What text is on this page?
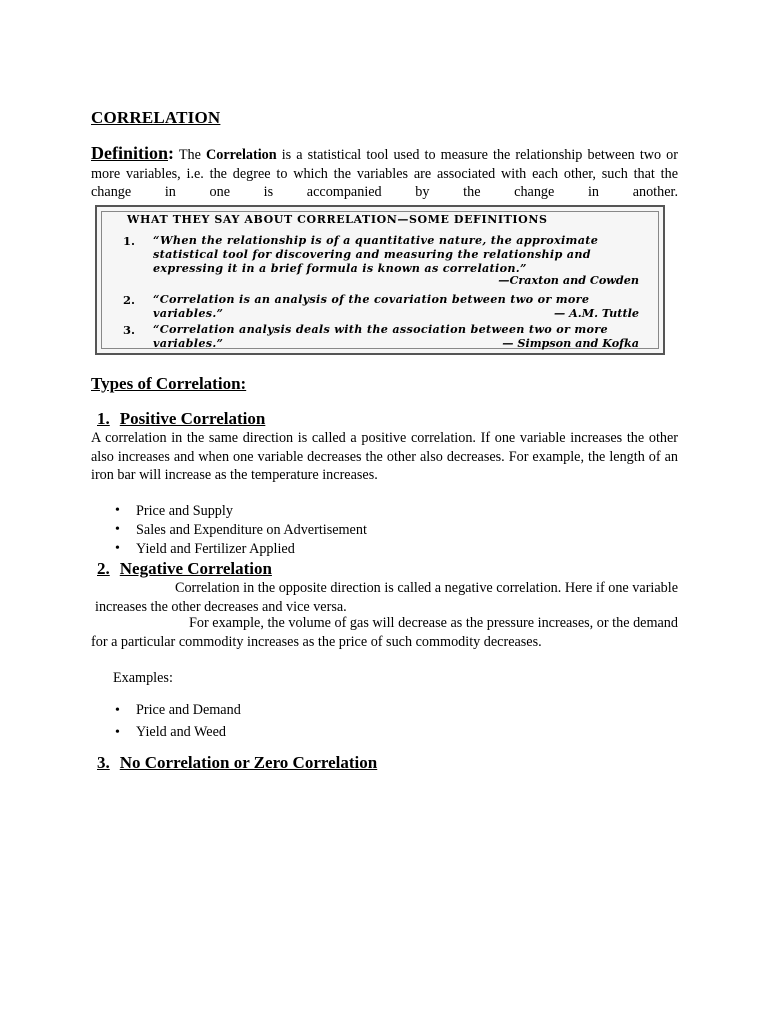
CORRELATION
Definition: The Correlation is a statistical tool used to measure the relationship between two or more variables, i.e. the degree to which the variables are associated with each other, such that the change in one is accompanied by the change in another.
WHAT THEY SAY ABOUT CORRELATION—SOME DEFINITIONS
1. “When the relationship is of a quantitative nature, the approximate statistical tool for discovering and measuring the relationship and expressing it in a brief formula is known as correlation.”
—Craxton and Cowden
2. “Correlation is an analysis of the covariation between two or more variables.”	— A.M. Tuttle
3. “Correlation analysis deals with the association between two or more variables.”	— Simpson and Kofka
Types of Correlation:
1. Positive Correlation
A correlation in the same direction is called a positive correlation. If one variable increases the other also increases and when one variable decreases the other also decreases. For example, the length of an iron bar will increase as the temperature increases.
• Price and Supply
• Sales and Expenditure on Advertisement
• Yield and Fertilizer Applied
2. Negative Correlation
Correlation in the opposite direction is called a negative correlation. Here if one variable increases the other decreases and vice versa.
For example, the volume of gas will decrease as the pressure increases, or the demand for a particular commodity increases as the price of such commodity decreases.
Examples:
• Price and Demand
• Yield and Weed
3. No Correlation or Zero Correlation
